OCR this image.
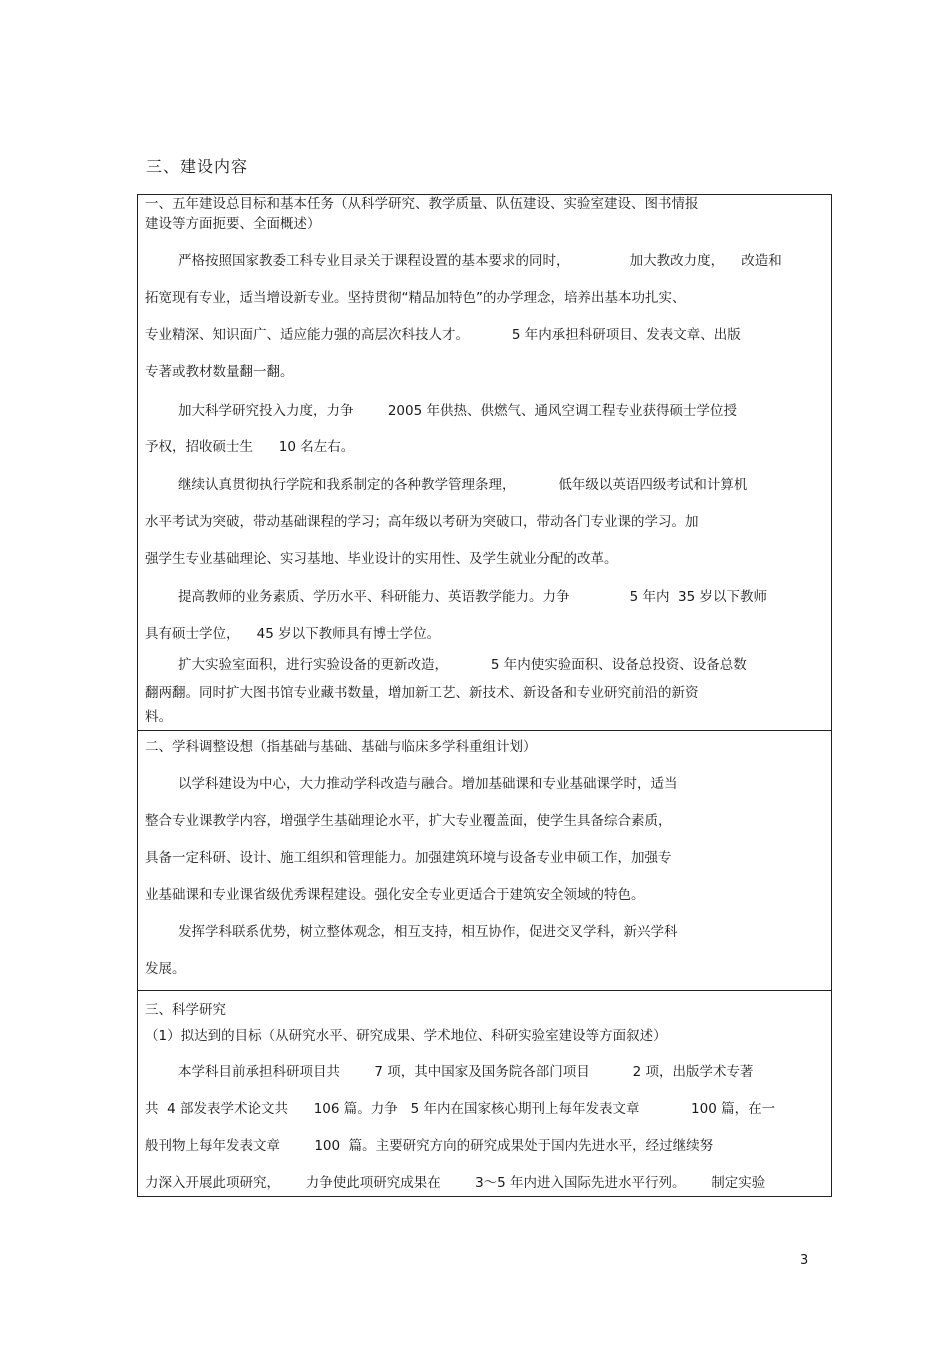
三、建设内容
一、五年建设总目标和基本任务（从科学研究、教学质量、队伍建设、实验室建设、图书情报
建设等方面扼要、全面概述）
严格按照国家教委工科专业目录关于课程设置的基本要求的同时，              加大教改力度，    改造和
拓宽现有专业，适当增设新专业。坚持贯彻“精品加特色”的办学理念，培养出基本功扎实、
专业精深、知识面广、适应能力强的高层次科技人才。          5 年内承担科研项目、发表文章、出版
专著或教材数量翻一翻。
加大科学研究投入力度，力争        2005 年供热、供燃气、通风空调工程专业获得硕士学位授
予权，招收硕士生      10 名左右。
继续认真贯彻执行学院和我系制定的各种教学管理条理，          低年级以英语四级考试和计算机
水平考试为突破，带动基础课程的学习；高年级以考研为突破口，带动各门专业课的学习。加
强学生专业基础理论、实习基地、毕业设计的实用性、及学生就业分配的改革。
提高教师的业务素质、学历水平、科研能力、英语教学能力。力争              5 年内  35 岁以下教师
具有硕士学位，    45 岁以下教师具有博士学位。
扩大实验室面积，进行实验设备的更新改造，          5 年内使实验面积、设备总投资、设备总数
翻两翻。同时扩大图书馆专业藏书数量，增加新工艺、新技术、新设备和专业研究前沿的新资
料。
二、学科调整设想（指基础与基础、基础与临床多学科重组计划）
以学科建设为中心，大力推动学科改造与融合。增加基础课和专业基础课学时，适当
整合专业课教学内容，增强学生基础理论水平，扩大专业覆盖面，使学生具备综合素质，
具备一定科研、设计、施工组织和管理能力。加强建筑环境与设备专业申硕工作，加强专
业基础课和专业课省级优秀课程建设。强化安全专业更适合于建筑安全领域的特色。
发挥学科联系优势，树立整体观念，相互支持，相互协作，促进交叉学科，新兴学科
发展。
三、科学研究
（1）拟达到的目标（从研究水平、研究成果、学术地位、科研实验室建设等方面叙述）
本学科目前承担科研项目共        7 项，其中国家及国务院各部门项目          2 项，出版学术专著
共  4 部发表学术论文共      106 篇。力争   5 年内在国家核心期刊上每年发表文章            100 篇，在一
般刊物上每年发表文章        100  篇。主要研究方向的研究成果处于国内先进水平，经过继续努
力深入开展此项研究，      力争使此项研究成果在        3～5 年内进入国际先进水平行列。      制定实验
3
